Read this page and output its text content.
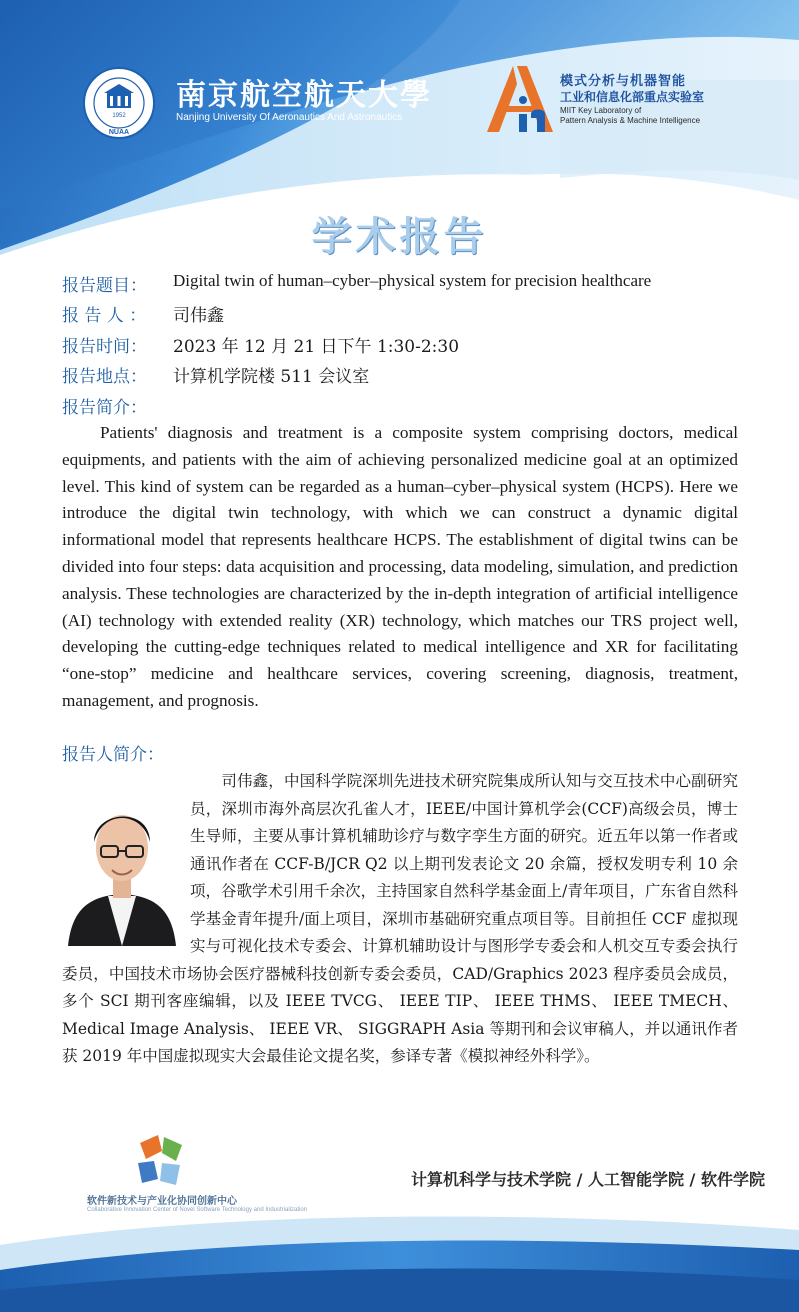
1952
NUAA
南京航空航天大學
Nanjing University Of Aeronautics And Astronautics
模式分析与机器智能
工业和信息化部重点实验室
MIIT Key Laboratory of
Pattern Analysis & Machine Intelligence
学术报告
报告题目： Digital twin of human–cyber–physical system for precision healthcare
报 告 人 ： 司伟鑫
报告时间： 2023 年 12 月 21 日下午 1:30-2:30
报告地点： 计算机学院楼 511 会议室
报告简介：
Patients' diagnosis and treatment is a composite system comprising doctors, medical equipments, and patients with the aim of achieving personalized medicine goal at an optimized level. This kind of system can be regarded as a human–cyber–physical system (HCPS). Here we introduce the digital twin technology, with which we can construct a dynamic digital informational model that represents healthcare HCPS. The establishment of digital twins can be divided into four steps: data acquisition and processing, data modeling, simulation, and prediction analysis. These technologies are characterized by the in-depth integration of artificial intelligence (AI) technology with extended reality (XR) technology, which matches our TRS project well, developing the cutting-edge techniques related to medical intelligence and XR for facilitating “one-stop” medicine and healthcare services, covering screening, diagnosis, treatment, management, and prognosis.
报告人简介：
　　司伟鑫，中国科学院深圳先进技术研究院集成所认知与交互技术中心副研究员，深圳市海外高层次孔雀人才，IEEE/中国计算机学会(CCF)高级会员，博士生导师，主要从事计算机辅助诊疗与数字孪生方面的研究。近五年以第一作者或通讯作者在 CCF-B/JCR Q2 以上期刊发表论文 20 余篇，授权发明专利 10 余项，谷歌学术引用千余次，主持国家自然科学基金面上/青年项目，广东省自然科学基金青年提升/面上项目，深圳市基础研究重点项目等。目前担任 CCF 虚拟现实与可视化技术专委会、计算机辅助设计与图形学专委会和人机交互专委会执行委员，中国技术市场协会医疗器械科技创新专委会委员，CAD/Graphics 2023 程序委员会成员，多个 SCI 期刊客座编辑，以及 IEEE TVCG、 IEEE TIP、 IEEE THMS、 IEEE TMECH、Medical Image Analysis、 IEEE VR、 SIGGRAPH Asia 等期刊和会议审稿人，并以通讯作者获 2019 年中国虚拟现实大会最佳论文提名奖，参译专著《模拟神经外科学》。
软件新技术与产业化协同创新中心
Collaborative Innovation Center of Novel Software Technology and Industrialization
计算机科学与技术学院 / 人工智能学院 / 软件学院
